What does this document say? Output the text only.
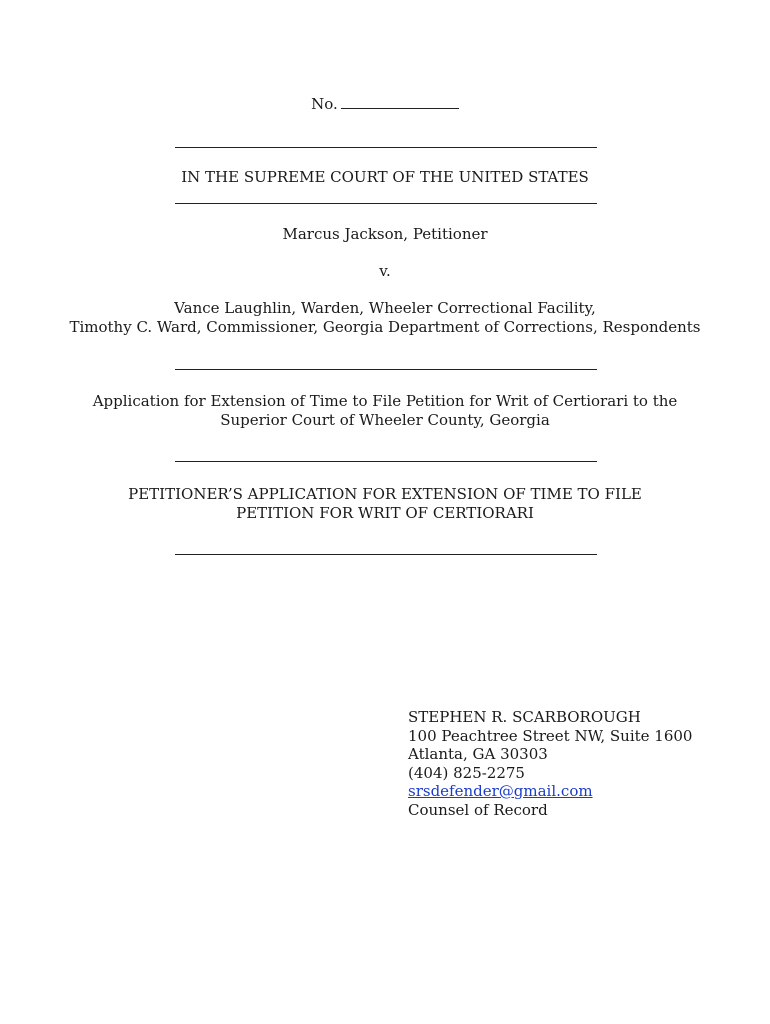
No.
IN THE SUPREME COURT OF THE UNITED STATES
Marcus Jackson, Petitioner
v.
Vance Laughlin, Warden, Wheeler Correctional Facility,
Timothy C. Ward, Commissioner, Georgia Department of Corrections, Respondents
Application for Extension of Time to File Petition for Writ of Certiorari to the
Superior Court of Wheeler County, Georgia
PETITIONER’S APPLICATION FOR EXTENSION OF TIME TO FILE
PETITION FOR WRIT OF CERTIORARI
STEPHEN R. SCARBOROUGH
100 Peachtree Street NW, Suite 1600
Atlanta, GA 30303
(404) 825-2275
srsdefender@gmail.com
Counsel of Record
